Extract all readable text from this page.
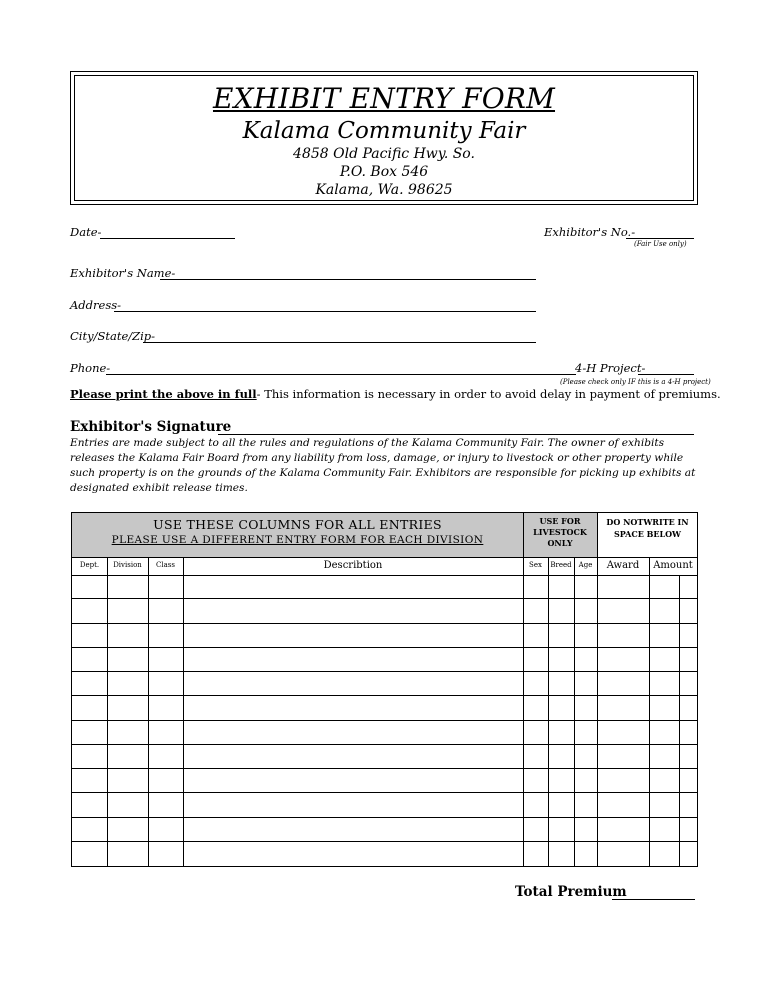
EXHIBIT ENTRY FORM
Kalama Community Fair
4858 Old Pacific Hwy. So.
P.O. Box 546
Kalama, Wa. 98625
Date-	Exhibitor's No.-
(Fair Use only)
Exhibitor's Name-
Address-
City/State/Zip-
Phone-	4-H Project-
(Please check only IF this is a 4-H project)
Please print the above in full- This information is necessary in order to avoid delay in payment of premiums.
Exhibitor's Signature
Entries are made subject to all the rules and regulations of the Kalama Community Fair. The owner of exhibits releases the Kalama Fair Board from any liability from loss, damage, or injury to livestock or other property while such property is on the grounds of the Kalama Community Fair. Exhibitors are responsible for picking up exhibits at designated exhibit release times.
USE THESE COLUMNS FOR ALL ENTRIES
PLEASE USE A DIFFERENT ENTRY FORM FOR EACH DIVISION
USE FOR LIVESTOCK ONLY
DO NOTWRITE IN SPACE BELOW
Dept.	Division	Class	Describtion	Sex	Breed	Age	Award	Amount
Total Premium
